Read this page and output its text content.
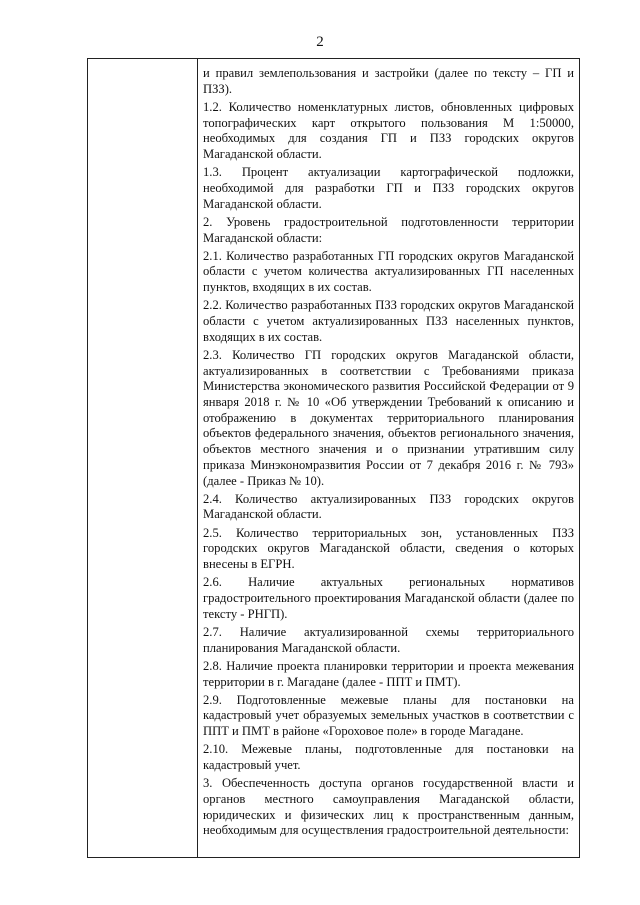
2

и правил землепользования и застройки (далее по тексту – ГП и ПЗЗ).

1.2. Количество номенклатурных листов, обновленных цифровых топографических карт открытого пользования М 1:50000, необходимых для создания ГП и ПЗЗ городских округов Магаданской области.

1.3. Процент актуализации картографической подложки, необходимой для разработки ГП и ПЗЗ городских округов Магаданской области.

2. Уровень градостроительной подготовленности территории Магаданской области:

2.1. Количество разработанных ГП городских округов Магаданской области с учетом количества актуализированных ГП населенных пунктов, входящих в их состав.

2.2. Количество разработанных ПЗЗ городских округов Магаданской области с учетом актуализированных ПЗЗ населенных пунктов, входящих в их состав.

2.3. Количество ГП городских округов Магаданской области, актуализированных в соответствии с Требованиями приказа Министерства экономического развития Российской Федерации от 9 января 2018 г. № 10 «Об утверждении Требований к описанию и отображению в документах территориального планирования объектов федерального значения, объектов регионального значения, объектов местного значения и о признании утратившим силу приказа Минэкономразвития России от 7 декабря 2016 г. № 793» (далее - Приказ № 10).

2.4. Количество актуализированных ПЗЗ городских округов Магаданской области.

2.5. Количество территориальных зон, установленных ПЗЗ городских округов Магаданской области, сведения о которых внесены в ЕГРН.

2.6. Наличие актуальных региональных нормативов градостроительного проектирования Магаданской области (далее по тексту - РНГП).

2.7. Наличие актуализированной схемы территориального планирования Магаданской области.

2.8. Наличие проекта планировки территории и проекта межевания территории в г. Магадане (далее - ППТ и ПМТ).

2.9. Подготовленные межевые планы для постановки на кадастровый учет образуемых земельных участков в соответствии с ППТ и ПМТ в районе «Гороховое поле» в городе Магадане.

2.10. Межевые планы, подготовленные для постановки на кадастровый учет.

3. Обеспеченность доступа органов государственной власти и органов местного самоуправления Магаданской области, юридических и физических лиц к пространственным данным, необходимым для осуществления градостроительной деятельности:
